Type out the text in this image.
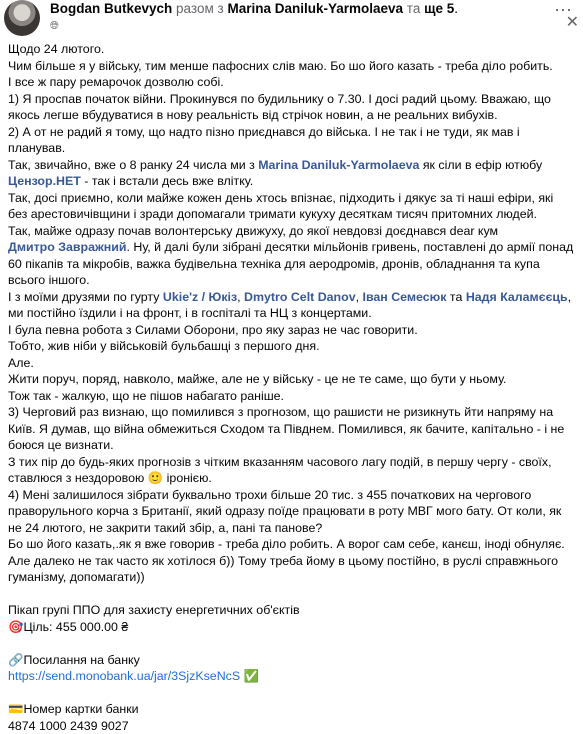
Bogdan Butkevych разом з Marina Daniluk-Yarmolaeva та ще 5.
🌐︎
⋯
✕

Щодо 24 лютого.

Чим більше я у війську, тим менше пафосних слів маю. Бо шо його казать - треба діло робить.

І все ж пару ремарочок дозволю собі.

1) Я проспав початок війни. Прокинувся по будильнику о 7.30. І досі радий цьому. Вважаю, що

якось легше вбудуватися в нову реальність від стрічок новин, а не реальних вибухів.

2) А от не радий я тому, що надто пізно приєднався до війська. І не так і не туди, як мав і

планував.

Так, звичайно, вже о 8 ранку 24 числа ми з Marina Daniluk-Yarmolaeva як сіли в ефір ютюбу

Цензор.НЕТ - так і встали десь вже влітку.

Так, досі приємно, коли майже кожен день хтось впізнає, підходить і дякує за ті наші ефіри, які

без арестовичівщини і зради допомагали тримати кукуху десяткам тисяч притомних людей.

Так, майже одразу почав волонтерську движуху, до якої невдовзі доєднався dear кум

Дмитро Завражний. Ну, й далі були зібрані десятки мільйонів гривень, поставлені до армії понад

60 пікапів та мікробів, важка будівельна техніка для аеродромів, дронів, обладнання та купа

всього іншого.

І з моїми друзями по гурту Ukie'z / Юкіз, Dmytro Celt Danov, Іван Семесюк та Надя Каламєєць,

ми постійно їздили і на фронт, і в госпіталі та НЦ з концертами.

І була певна робота з Силами Оборони, про яку зараз не час говорити.

Тобто, жив ніби у військовій бульбашці з першого дня.

Але.

Жити поруч, поряд, навколо, майже, але не у війську - це не те саме, що бути у ньому.

Тож так - жалкую, що не пішов набагато раніше.

3) Черговий раз визнаю, що помилився з прогнозом, що рашисти не ризикнуть йти напряму на

Київ. Я думав, що війна обмежиться Сходом та Півднем. Помилився, як бачите, капітально - і не

боюся це визнати.

З тих пір до будь-яких прогнозів з чітким вказанням часового лагу подій, в першу чергу - своїх,

ставлюся з нездоровою 🙂 іронією.

4) Мені залишилося зібрати буквально трохи більше 20 тис. з 455 початкових на чергового

праворульного корча з Британії, який одразу поїде працювати в роту МВГ мого бату. От коли, як

не 24 лютого, не закрити такий збір, а, пані та панове?

Бо шо його казать,.як я вже говорив - треба діло робить. А ворог сам себе, канєш, іноді обнуляє.

Але далеко не так часто як хотілося б)) Тому треба йому в цьому постійно, в руслі справжнього

гуманізму, допомагати))

Пікап групі ППО для захисту енергетичних об'єктів

🎯Ціль: 455 000.00 ₴

🔗Посилання на банку

https://send.monobank.ua/jar/3SjzKseNcS ✅

💳Номер картки банки

4874 1000 2439 9027
